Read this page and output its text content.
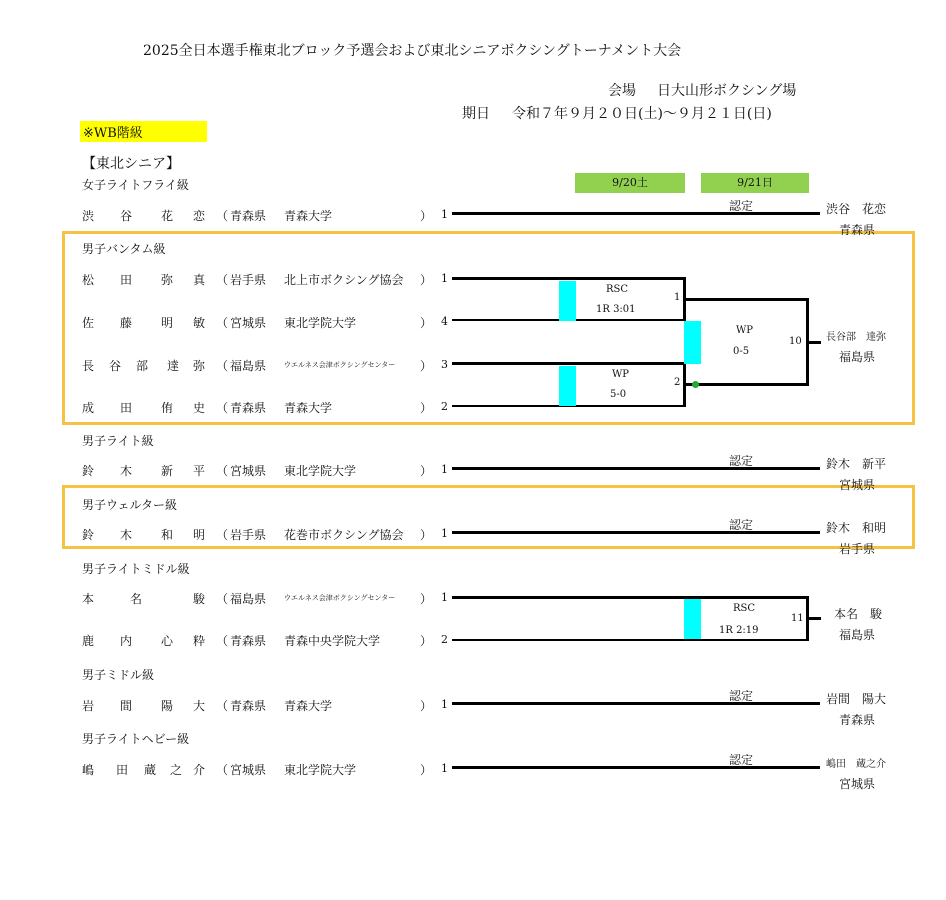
2025全日本選手権東北ブロック予選会および東北シニアボクシングトーナメント大会
会場 日大山形ボクシング場
期日 令和７年９月２０日(土)～９月２１日(日)
※WB階級
【東北シニア】
9/20土	9/21日
女子ライトフライ級
渋 谷 花 恋 （ 青森県 青森大学	） 1
認定	渋谷　花恋
青森県
男子バンタム級
松 田 弥 真 （ 岩手県 北上市ボクシング協会 ） 1
佐 藤 明 敏 （ 宮城県 東北学院大学	） 4
長 谷 部 達 弥 （ 福島県	ウエルネス会津ボクシングセンター ） 3
成 田 侑 史 （ 青森県 青森大学	） 2
RSC
1R 3:01
1
WP
5-0
2
WP
0-5
10 長谷部　達弥
福島県
男子ライト級
鈴 木 新 平 （ 宮城県 東北学院大学	） 1
認定	鈴木　新平
宮城県
男子ウェルター級
鈴 木 和 明 （ 岩手県 花巻市ボクシング協会 ） 1
認定	鈴木　和明
岩手県
男子ライトミドル級
本	名	駿 （ 福島県	ウエルネス会津ボクシングセンター ） 1
鹿 内 心 粋 （ 青森県 青森中央学院大学	） 2
RSC
1R 2:19
11	本名　駿
福島県
男子ミドル級
岩 間 陽 大 （ 青森県 青森大学	） 1
認定	岩間　陽大
青森県
男子ライトヘビー級
嶋 田 蔵 之 介 （ 宮城県 東北学院大学	） 1
認定	嶋田　蔵之介
宮城県
